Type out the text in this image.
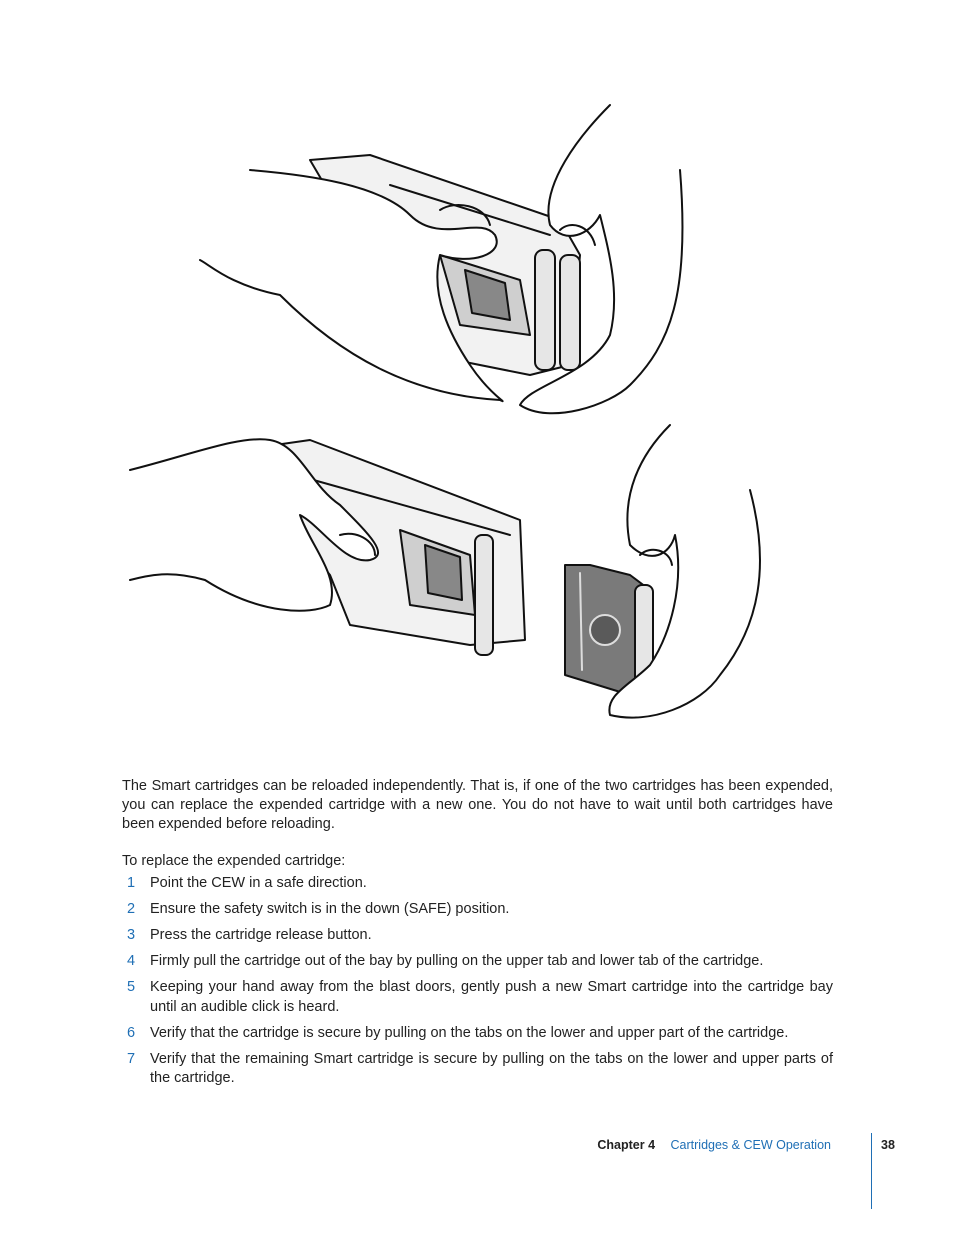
The Smart cartridges can be reloaded independently. That is, if one of the two cartridges has been expended, you can replace the expended cartridge with a new one. You do not have to wait until both cartridges have been expended before reloading.

To replace the expended cartridge:

1	Point the CEW in a safe direction.
2	Ensure the safety switch is in the down (SAFE) position.
3	Press the cartridge release button.
4	Firmly pull the cartridge out of the bay by pulling on the upper tab and lower tab of the cartridge.
5	Keeping your hand away from the blast doors, gently push a new Smart cartridge into the cartridge bay until an audible click is heard.
6	Verify that the cartridge is secure by pulling on the tabs on the lower and upper part of the cartridge.
7	Verify that the remaining Smart cartridge is secure by pulling on the tabs on the lower and upper parts of the cartridge.
Chapter 4 Cartridges & CEW Operation	38
